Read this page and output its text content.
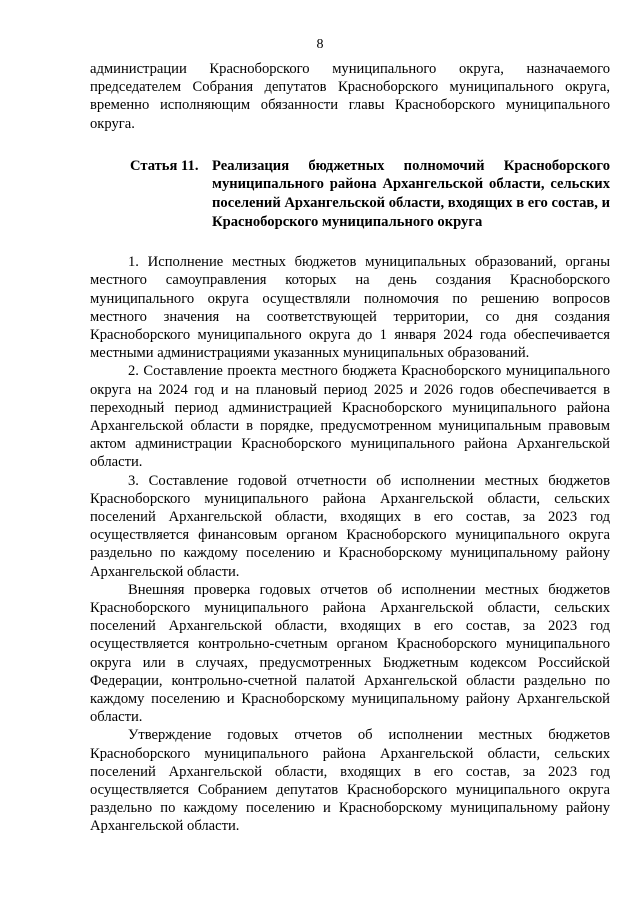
8

администрации Красноборского муниципального округа, назначаемого председателем Собрания депутатов Красноборского муниципального округа, временно исполняющим обязанности главы Красноборского муниципального округа.

Статья 11. Реализация бюджетных полномочий Красноборского муниципального района Архангельской области, сельских поселений Архангельской области, входящих в его состав, и Красноборского муниципального округа

1. Исполнение местных бюджетов муниципальных образований, органы местного самоуправления которых на день создания Красноборского муниципального округа осуществляли полномочия по решению вопросов местного значения на соответствующей территории, со дня создания Красноборского муниципального округа до 1 января 2024 года обеспечивается местными администрациями указанных муниципальных образований.

2. Составление проекта местного бюджета Красноборского муниципального округа на 2024 год и на плановый период 2025 и 2026 годов обеспечивается в переходный период администрацией Красноборского муниципального района Архангельской области в порядке, предусмотренном муниципальным правовым актом администрации Красноборского муниципального района Архангельской области.

3. Составление годовой отчетности об исполнении местных бюджетов Красноборского муниципального района Архангельской области, сельских поселений Архангельской области, входящих в его состав, за 2023 год осуществляется финансовым органом Красноборского муниципального округа раздельно по каждому поселению и Красноборскому муниципальному району Архангельской области.

Внешняя проверка годовых отчетов об исполнении местных бюджетов Красноборского муниципального района Архангельской области, сельских поселений Архангельской области, входящих в его состав, за 2023 год осуществляется контрольно-счетным органом Красноборского муниципального округа или в случаях, предусмотренных Бюджетным кодексом Российской Федерации, контрольно-счетной палатой Архангельской области раздельно по каждому поселению и Красноборскому муниципальному району Архангельской области.

Утверждение годовых отчетов об исполнении местных бюджетов Красноборского муниципального района Архангельской области, сельских поселений Архангельской области, входящих в его состав, за 2023 год осуществляется Собранием депутатов Красноборского муниципального округа раздельно по каждому поселению и Красноборскому муниципальному району Архангельской области.
